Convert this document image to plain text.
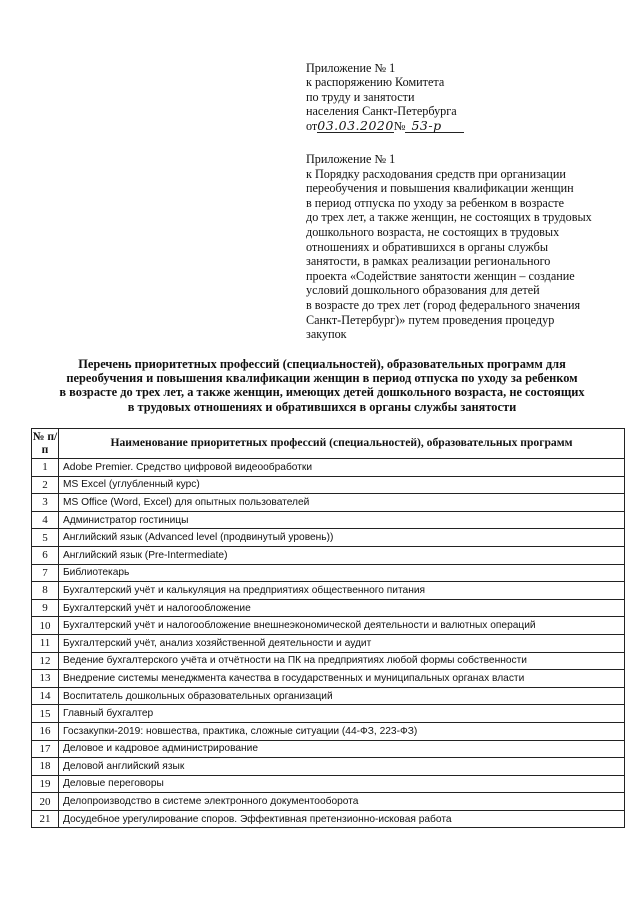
Приложение № 1
к распоряжению Комитета
по труду и занятости
населения Санкт-Петербурга
от03.03.2020№ 53-р
Приложение № 1
к Порядку расходования средств при организации
переобучения и повышения квалификации женщин
в период отпуска по уходу за ребенком в возрасте
до трех лет, а также женщин, не состоящих в трудовых
дошкольного возраста, не состоящих в трудовых
отношениях и обратившихся в органы службы
занятости, в рамках реализации регионального
проекта «Содействие занятости женщин – создание
условий дошкольного образования для детей
в возрасте до трех лет (город федерального значения
Санкт-Петербург)» путем проведения процедур
закупок
Перечень приоритетных профессий (специальностей), образовательных программ для
переобучения и повышения квалификации женщин в период отпуска по уходу за ребенком
в возрасте до трех лет, а также женщин, имеющих детей дошкольного возраста, не состоящих
в трудовых отношениях и обратившихся в органы службы занятости
№ п/п	Наименование приоритетных профессий (специальностей), образовательных программ
1	Adobe Premier. Средство цифровой видеообработки
2	MS Excel (углубленный курс)
3	MS Office (Word, Excel) для опытных пользователей
4	Администратор гостиницы
5	Английский язык (Advanced level (продвинутый уровень))
6	Английский язык (Pre-Intermediate)
7	Библиотекарь
8	Бухгалтерский учёт и калькуляция на предприятиях общественного питания
9	Бухгалтерский учёт и налогообложение
10	Бухгалтерский учёт и налогообложение внешнеэкономической деятельности и валютных операций
11	Бухгалтерский учёт, анализ хозяйственной деятельности и аудит
12	Ведение бухгалтерского учёта и отчётности на ПК на предприятиях любой формы собственности
13	Внедрение системы менеджмента качества в государственных и муниципальных органах власти
14	Воспитатель дошкольных образовательных организаций
15	Главный бухгалтер
16	Госзакупки-2019: новшества, практика, сложные ситуации (44-ФЗ, 223-ФЗ)
17	Деловое и кадровое администрирование
18	Деловой английский язык
19	Деловые переговоры
20	Делопроизводство в системе электронного документооборота
21	Досудебное урегулирование споров. Эффективная претензионно-исковая работа
